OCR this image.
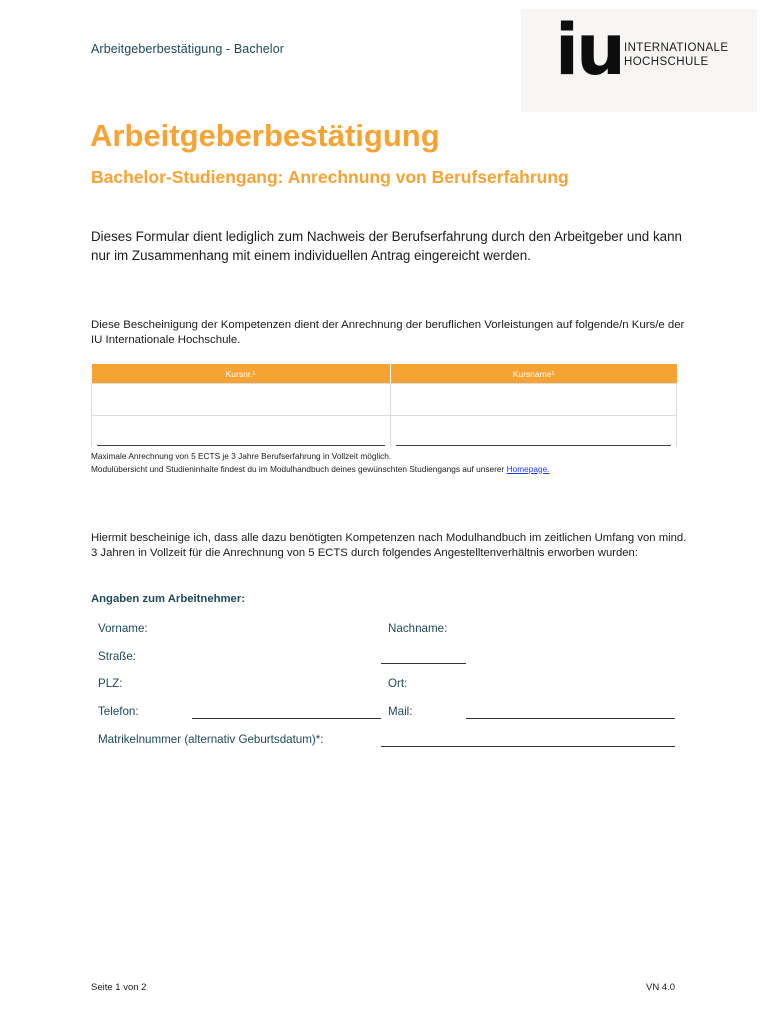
Arbeitgeberbestätigung - Bachelor	iu INTERNATIONALE
HOCHSCHULE
Arbeitgeberbestätigung
Bachelor-Studiengang: Anrechnung von Berufserfahrung
Dieses Formular dient lediglich zum Nachweis der Berufserfahrung durch den Arbeitgeber und kann nur im Zusammenhang mit einem individuellen Antrag eingereicht werden.
Diese Bescheinigung der Kompetenzen dient der Anrechnung der beruflichen Vorleistungen auf folgende/n Kurs/e der IU Internationale Hochschule.
Kursnr.¹	Kursname¹

Maximale Anrechnung von 5 ECTS je 3 Jahre Berufserfahrung in Vollzeit möglich.
Modulübersicht und Studieninhalte findest du im Modulhandbuch deines gewünschten Studiengangs auf unserer Homepage.
Hiermit bescheinige ich, dass alle dazu benötigten Kompetenzen nach Modulhandbuch im zeitlichen Umfang von mind. 3 Jahren in Vollzeit für die Anrechnung von 5 ECTS durch folgendes Angestelltenverhältnis erworben wurden:
Angaben zum Arbeitnehmer:
Vorname:	Nachname:
Straße:
PLZ:	Ort:
Telefon:	Mail:
Matrikelnummer (alternativ Geburtsdatum)*:
Seite 1 von 2	VN 4.0
